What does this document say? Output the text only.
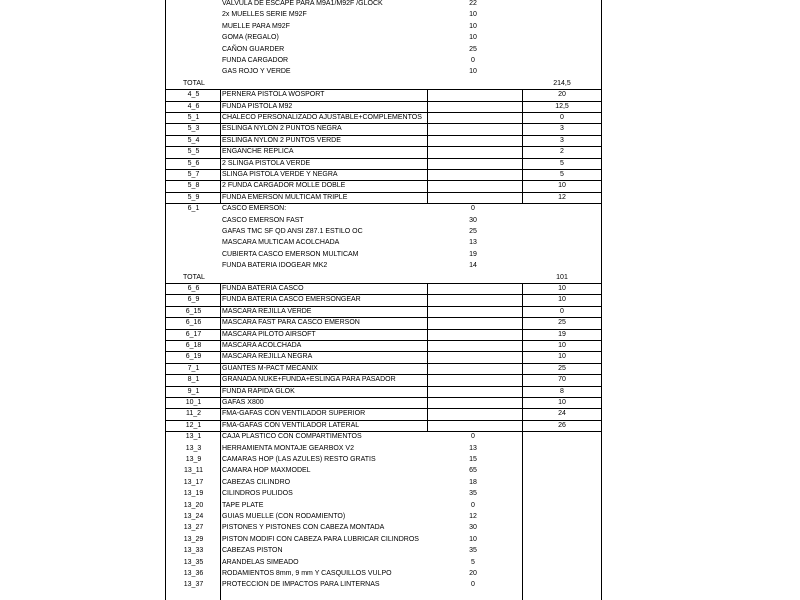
VALVULA DE ESCAPE PARA M9A1/M92F /GLOCK	22
2x MUELLES SERIE M92F	10
MUELLE PARA M92F	10
GOMA (REGALO)	10
CAÑON GUARDER	25
FUNDA CARGADOR	0
GAS ROJO Y VERDE	10
TOTAL	214,5
4_5	PERNERA PISTOLA WOSPORT	20
4_6	FUNDA PISTOLA M92	12,5
5_1	CHALECO PERSONALIZADO AJUSTABLE+COMPLEMENTOS	0
5_3	ESLINGA NYLON 2 PUNTOS NEGRA	3
5_4	ESLINGA NYLON 2 PUNTOS VERDE	3
5_5	ENGANCHE REPLICA	2
5_6	2 SLINGA PISTOLA VERDE	5
5_7	SLINGA PISTOLA VERDE Y NEGRA	5
5_8	2 FUNDA CARGADOR MOLLE DOBLE	10
5_9	FUNDA EMERSON MULTICAM TRIPLE	12
6_1	CASCO EMERSON:	0
CASCO EMERSON FAST	30
GAFAS TMC SF QD ANSI Z87.1 ESTILO OC	25
MASCARA MULTICAM ACOLCHADA	13
CUBIERTA CASCO EMERSON MULTICAM	19
FUNDA BATERIA IDOGEAR MK2	14
TOTAL	101
6_6	FUNDA BATERIA CASCO	10
6_9	FUNDA BATERIA CASCO EMERSONGEAR	10
6_15	MASCARA REJILLA VERDE	0
6_16	MASCARA FAST PARA CASCO EMERSON	25
6_17	MASCARA PILOTO AIRSOFT	19
6_18	MASCARA ACOLCHADA	10
6_19	MASCARA REJILLA NEGRA	10
7_1	GUANTES M-PACT MECANIX	25
8_1	GRANADA NUKE+FUNDA+ESLINGA PARA PASADOR	70
9_1	FUNDA RAPIDA GLOK	8
10_1	GAFAS X800	10
11_2	FMA-GAFAS CON VENTILADOR SUPERIOR	24
12_1	FMA-GAFAS CON VENTILADOR LATERAL	26
13_1	CAJA PLASTICO CON COMPARTIMENTOS	0
13_3	HERRAMIENTA MONTAJE GEARBOX V2	13
13_9	CAMARAS HOP (LAS AZULES) RESTO GRATIS	15
13_11	CAMARA HOP MAXMODEL	65
13_17	CABEZAS CILINDRO	18
13_19	CILINDROS PULIDOS	35
13_20	TAPE PLATE	0
13_24	GUIAS MUELLE (CON RODAMIENTO)	12
13_27	PISTONES Y PISTONES CON CABEZA MONTADA	30
13_29	PISTON MODIFI CON CABEZA PARA LUBRICAR CILINDROS	10
13_33	CABEZAS PISTON	35
13_35	ARANDELAS SIMEADO	5
13_36	RODAMIENTOS 8mm, 9 mm Y CASQUILLOS VULPO	20
13_37	PROTECCION DE IMPACTOS PARA LINTERNAS	0
